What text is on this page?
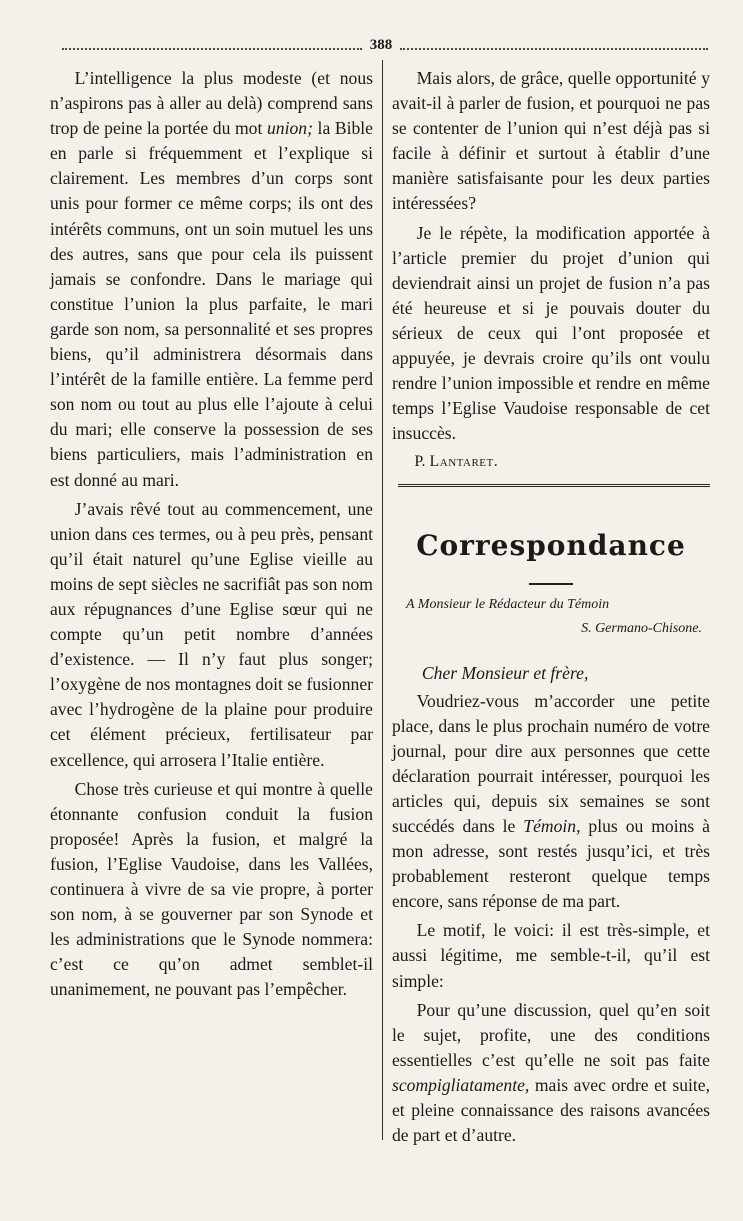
388

L’intelligence la plus modeste (et nous n’aspirons pas à aller au delà) comprend sans trop de peine la portée du mot union; la Bible en parle si fréquemment et l’explique si clairement. Les membres d’un corps sont unis pour former ce même corps; ils ont des intérêts communs, ont un soin mutuel les uns des autres, sans que pour cela ils puissent jamais se confondre. Dans le mariage qui constitue l’union la plus parfaite, le mari garde son nom, sa personnalité et ses propres biens, qu’il administrera désormais dans l’intérêt de la famille entière. La femme perd son nom ou tout au plus elle l’ajoute à celui du mari; elle conserve la possession de ses biens particuliers, mais l’administration en est donné au mari.

J’avais rêvé tout au commencement, une union dans ces termes, ou à peu près, pensant qu’il était naturel qu’une Eglise vieille au moins de sept siècles ne sacrifiât pas son nom aux répugnances d’une Eglise sœur qui ne compte qu’un petit nombre d’années d’existence. — Il n’y faut plus songer; l’oxygène de nos montagnes doit se fusionner avec l’hydrogène de la plaine pour produire cet élément précieux, fertilisateur par excellence, qui arrosera l’Italie entière.

Chose très curieuse et qui montre à quelle étonnante confusion conduit la fusion proposée! Après la fusion, et malgré la fusion, l’Eglise Vaudoise, dans les Vallées, continuera à vivre de sa vie propre, à porter son nom, à se gouverner par son Synode et les administrations que le Synode nommera: c’est ce qu’on admet semblet-il unanimement, ne pouvant pas l’empêcher.

Mais alors, de grâce, quelle opportunité y avait-il à parler de fusion, et pourquoi ne pas se contenter de l’union qui n’est déjà pas si facile à définir et surtout à établir d’une manière satisfaisante pour les deux parties intéressées?

Je le répète, la modification apportée à l’article premier du projet d’union qui deviendrait ainsi un projet de fusion n’a pas été heureuse et si je pouvais douter du sérieux de ceux qui l’ont proposée et appuyée, je devrais croire qu’ils ont voulu rendre l’union impossible et rendre en même temps l’Eglise Vaudoise responsable de cet insuccès.

P. Lantaret.

Correspondance

A Monsieur le Rédacteur du Témoin

S. Germano-Chisone.

Cher Monsieur et frère,

Voudriez-vous m’accorder une petite place, dans le plus prochain numéro de votre journal, pour dire aux personnes que cette déclaration pourrait intéresser, pourquoi les articles qui, depuis six semaines se sont succédés dans le Témoin, plus ou moins à mon adresse, sont restés jusqu’ici, et très probablement resteront quelque temps encore, sans réponse de ma part.

Le motif, le voici: il est très-simple, et aussi légitime, me semble-t-il, qu’il est simple:

Pour qu’une discussion, quel qu’en soit le sujet, profite, une des conditions essentielles c’est qu’elle ne soit pas faite scompigliatamente, mais avec ordre et suite, et pleine connaissance des raisons avancées de part et d’autre.
